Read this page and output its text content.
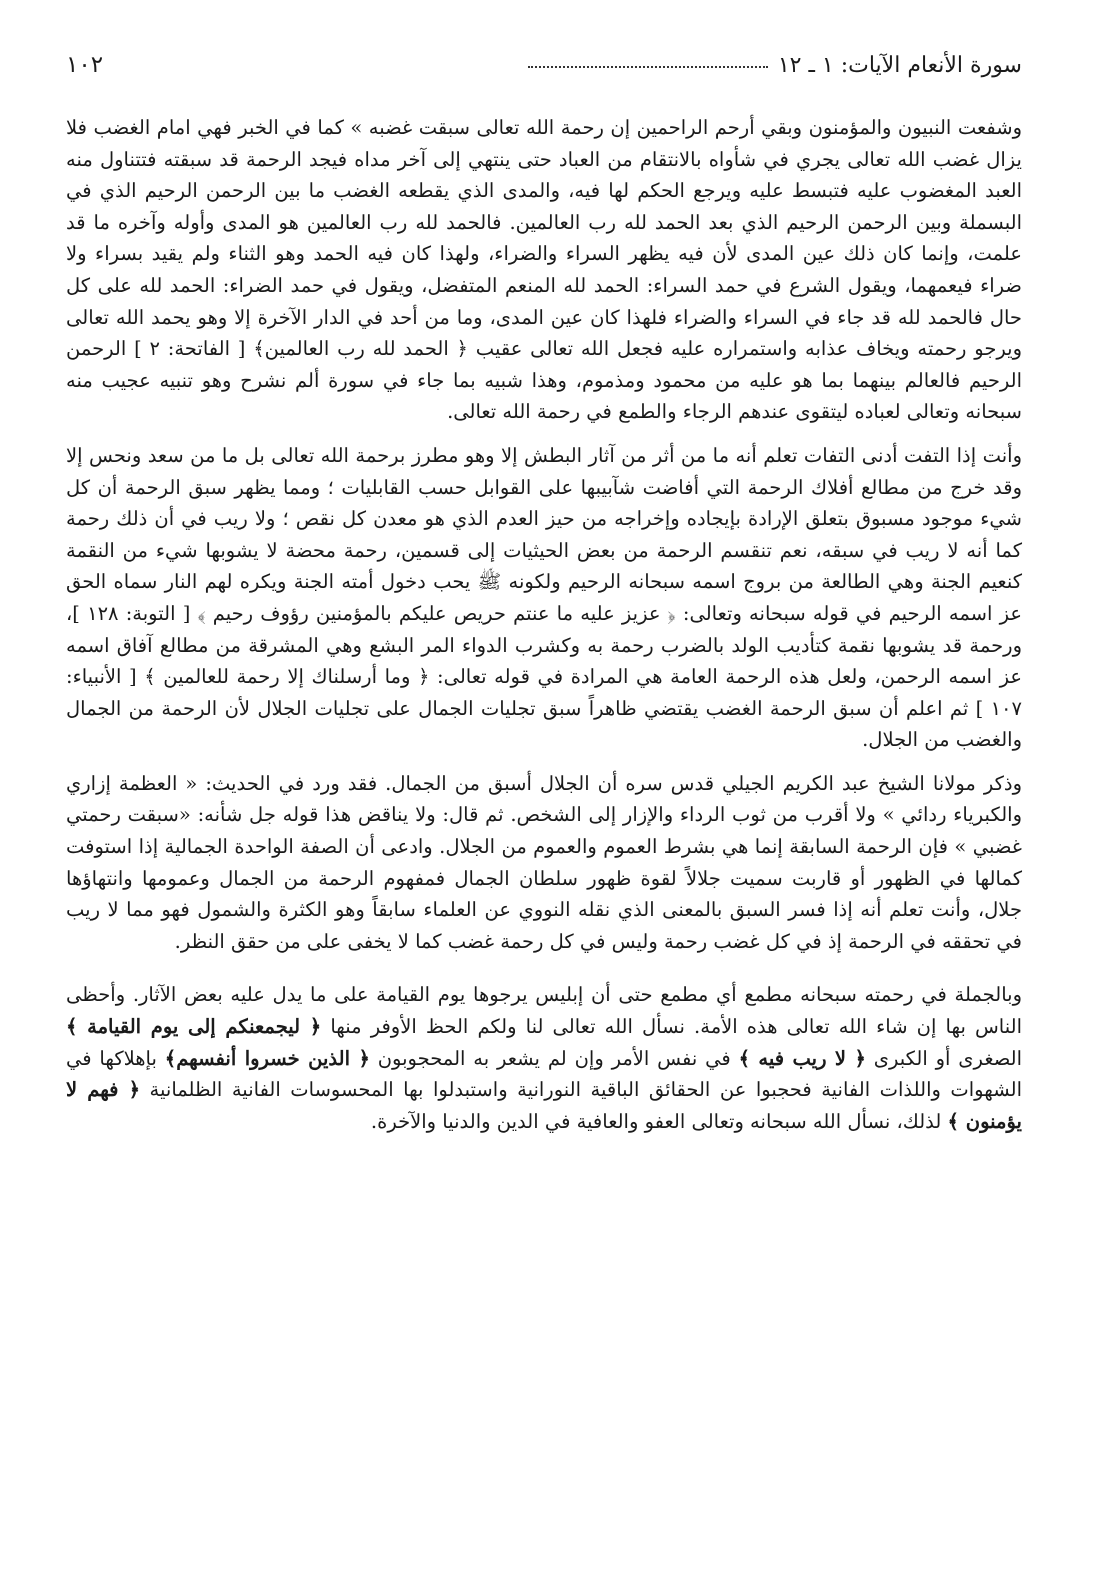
سورة الأنعام الآيات: ١ ـ ١٢
١٠٢

وشفعت النبيون والمؤمنون وبقي أرحم الراحمين إن رحمة الله تعالى سبقت غضبه » كما في الخبر فهي امام الغضب فلا يزال غضب الله تعالى يجري في شأواه بالانتقام من العباد حتى ينتهي إلى آخر مداه فيجد الرحمة قد سبقته فتتناول منه العبد المغضوب عليه فتبسط عليه ويرجع الحكم لها فيه، والمدى الذي يقطعه الغضب ما بين الرحمن الرحيم الذي في البسملة وبين الرحمن الرحيم الذي بعد الحمد لله رب العالمين. فالحمد لله رب العالمين هو المدى وأوله وآخره ما قد علمت، وإنما كان ذلك عين المدى لأن فيه يظهر السراء والضراء، ولهذا كان فيه الحمد وهو الثناء ولم يقيد بسراء ولا ضراء فيعمهما، ويقول الشرع في حمد السراء: الحمد لله المنعم المتفضل، ويقول في حمد الضراء: الحمد لله على كل حال فالحمد لله قد جاء في السراء والضراء فلهذا كان عين المدى، وما من أحد في الدار الآخرة إلا وهو يحمد الله تعالى ويرجو رحمته ويخاف عذابه واستمراره عليه فجعل الله تعالى عقيب ﴿ الحمد لله رب العالمين﴾ [ الفاتحة: ٢ ] الرحمن الرحيم فالعالم بينهما بما هو عليه من محمود ومذموم، وهذا شبيه بما جاء في سورة ألم نشرح وهو تنبيه عجيب منه سبحانه وتعالى لعباده ليتقوى عندهم الرجاء والطمع في رحمة الله تعالى.

وأنت إذا التفت أدنى التفات تعلم أنه ما من أثر من آثار البطش إلا وهو مطرز برحمة الله تعالى بل ما من سعد ونحس إلا وقد خرج من مطالع أفلاك الرحمة التي أفاضت شآبيبها على القوابل حسب القابليات ؛ ومما يظهر سبق الرحمة أن كل شيء موجود مسبوق بتعلق الإرادة بإيجاده وإخراجه من حيز العدم الذي هو معدن كل نقص ؛ ولا ريب في أن ذلك رحمة كما أنه لا ريب في سبقه، نعم تنقسم الرحمة من بعض الحيثيات إلى قسمين، رحمة محضة لا يشوبها شيء من النقمة كنعيم الجنة وهي الطالعة من بروج اسمه سبحانه الرحيم ولكونه ﷺ يحب دخول أمته الجنة ويكره لهم النار سماه الحق عز اسمه الرحيم في قوله سبحانه وتعالى: ﴿ عزيز عليه ما عنتم حريص عليكم بالمؤمنين رؤوف رحيم ﴾ [ التوبة: ١٢٨ ]، ورحمة قد يشوبها نقمة كتأديب الولد بالضرب رحمة به وكشرب الدواء المر البشع وهي المشرقة من مطالع آفاق اسمه عز اسمه الرحمن، ولعل هذه الرحمة العامة هي المرادة في قوله تعالى: ﴿ وما أرسلناك إلا رحمة للعالمين ﴾ [ الأنبياء: ١٠٧ ] ثم اعلم أن سبق الرحمة الغضب يقتضي ظاهراً سبق تجليات الجمال على تجليات الجلال لأن الرحمة من الجمال والغضب من الجلال.

وذكر مولانا الشيخ عبد الكريم الجيلي قدس سره أن الجلال أسبق من الجمال. فقد ورد في الحديث: « العظمة إزاري والكبرياء ردائي » ولا أقرب من ثوب الرداء والإزار إلى الشخص. ثم قال: ولا يناقض هذا قوله جل شأنه: «سبقت رحمتي غضبي » فإن الرحمة السابقة إنما هي بشرط العموم والعموم من الجلال. وادعى أن الصفة الواحدة الجمالية إذا استوفت كمالها في الظهور أو قاربت سميت جلالاً لقوة ظهور سلطان الجمال فمفهوم الرحمة من الجمال وعمومها وانتهاؤها جلال، وأنت تعلم أنه إذا فسر السبق بالمعنى الذي نقله النووي عن العلماء سابقاً وهو الكثرة والشمول فهو مما لا ريب في تحققه في الرحمة إذ في كل غضب رحمة وليس في كل رحمة غضب كما لا يخفى على من حقق النظر.

وبالجملة في رحمته سبحانه مطمع أي مطمع حتى أن إبليس يرجوها يوم القيامة على ما يدل عليه بعض الآثار. وأحظى الناس بها إن شاء الله تعالى هذه الأمة. نسأل الله تعالى لنا ولكم الحظ الأوفر منها ﴿ ليجمعنكم إلى يوم القيامة ﴾ الصغرى أو الكبرى ﴿ لا ريب فيه ﴾ في نفس الأمر وإن لم يشعر به المحجوبون ﴿ الذين خسروا أنفسهم﴾ بإهلاكها في الشهوات واللذات الفانية فحجبوا عن الحقائق الباقية النورانية واستبدلوا بها المحسوسات الفانية الظلمانية ﴿ فهم لا يؤمنون ﴾ لذلك، نسأل الله سبحانه وتعالى العفو والعافية في الدين والدنيا والآخرة.
